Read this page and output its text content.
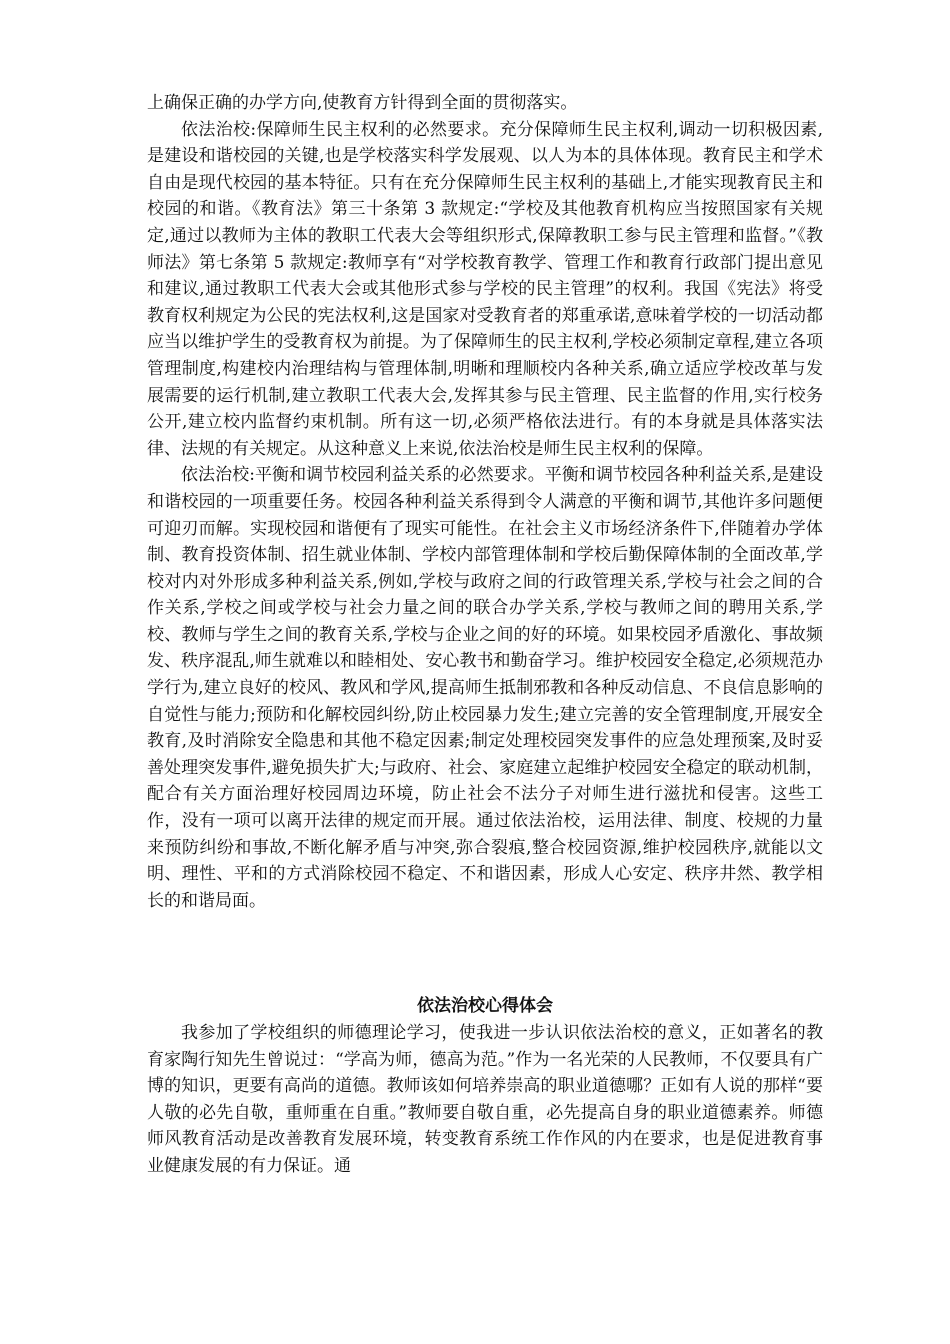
上确保正确的办学方向,使教育方针得到全面的贯彻落实。

依法治校:保障师生民主权利的必然要求。充分保障师生民主权利,调动一切积极因素,是建设和谐校园的关键,也是学校落实科学发展观、以人为本的具体体现。教育民主和学术自由是现代校园的基本特征。只有在充分保障师生民主权利的基础上,才能实现教育民主和校园的和谐。《教育法》第三十条第 3 款规定:“学校及其他教育机构应当按照国家有关规定,通过以教师为主体的教职工代表大会等组织形式,保障教职工参与民主管理和监督。”《教师法》第七条第 5 款规定:教师享有“对学校教育教学、管理工作和教育行政部门提出意见和建议,通过教职工代表大会或其他形式参与学校的民主管理”的权利。我国《宪法》将受教育权利规定为公民的宪法权利,这是国家对受教育者的郑重承诺,意味着学校的一切活动都应当以维护学生的受教育权为前提。为了保障师生的民主权利,学校必须制定章程,建立各项管理制度,构建校内治理结构与管理体制,明晰和理顺校内各种关系,确立适应学校改革与发展需要的运行机制,建立教职工代表大会,发挥其参与民主管理、民主监督的作用,实行校务公开,建立校内监督约束机制。所有这一切,必须严格依法进行。有的本身就是具体落实法律、法规的有关规定。从这种意义上来说,依法治校是师生民主权利的保障。

依法治校:平衡和调节校园利益关系的必然要求。平衡和调节校园各种利益关系,是建设和谐校园的一项重要任务。校园各种利益关系得到令人满意的平衡和调节,其他许多问题便可迎刃而解。实现校园和谐便有了现实可能性。在社会主义市场经济条件下,伴随着办学体制、教育投资体制、招生就业体制、学校内部管理体制和学校后勤保障体制的全面改革,学校对内对外形成多种利益关系,例如,学校与政府之间的行政管理关系,学校与社会之间的合作关系,学校之间或学校与社会力量之间的联合办学关系,学校与教师之间的聘用关系,学校、教师与学生之间的教育关系,学校与企业之间的好的环境。如果校园矛盾激化、事故频发、秩序混乱,师生就难以和睦相处、安心教书和勤奋学习。维护校园安全稳定,必须规范办学行为,建立良好的校风、教风和学风,提高师生抵制邪教和各种反动信息、不良信息影响的自觉性与能力;预防和化解校园纠纷,防止校园暴力发生;建立完善的安全管理制度,开展安全教育,及时消除安全隐患和其他不稳定因素;制定处理校园突发事件的应急处理预案,及时妥善处理突发事件,避免损失扩大;与政府、社会、家庭建立起维护校园安全稳定的联动机制，配合有关方面治理好校园周边环境，防止社会不法分子对师生进行滋扰和侵害。这些工作，没有一项可以离开法律的规定而开展。通过依法治校，运用法律、制度、校规的力量来预防纠纷和事故,不断化解矛盾与冲突,弥合裂痕,整合校园资源,维护校园秩序,就能以文明、理性、平和的方式消除校园不稳定、不和谐因素，形成人心安定、秩序井然、教学相长的和谐局面。

依法治校心得体会

我参加了学校组织的师德理论学习，使我进一步认识依法治校的意义，正如著名的教育家陶行知先生曾说过：“学高为师，德高为范。”作为一名光荣的人民教师，不仅要具有广博的知识，更要有高尚的道德。教师该如何培养崇高的职业道德哪？正如有人说的那样“要人敬的必先自敬，重师重在自重。”教师要自敬自重，必先提高自身的职业道德素养。师德师风教育活动是改善教育发展环境，转变教育系统工作作风的内在要求，也是促进教育事业健康发展的有力保证。通
